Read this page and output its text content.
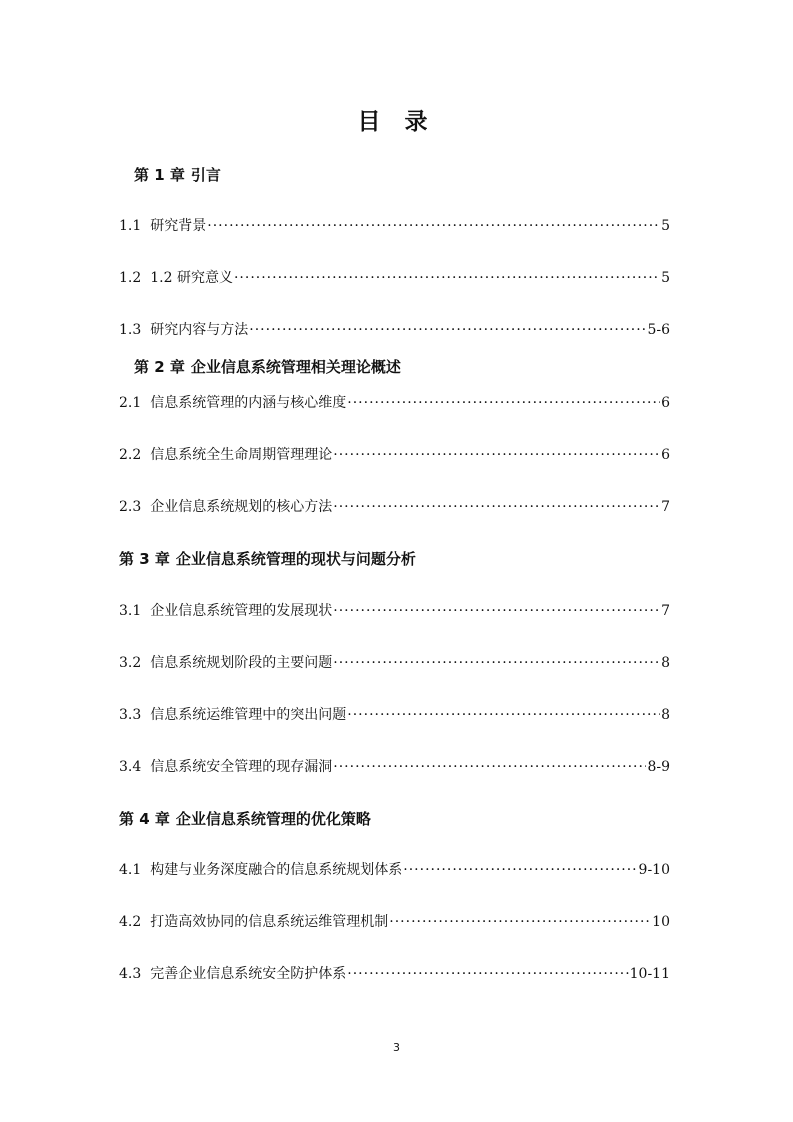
目 录
第 1 章 引言
1.1 研究背景 ·····	5
1.2 1.2 研究意义 ·····	5
1.3 研究内容与方法 ·····	5-6
第 2 章 企业信息系统管理相关理论概述
2.1 信息系统管理的内涵与核心维度 ·····	6
2.2 信息系统全生命周期管理理论 ·····	6
2.3 企业信息系统规划的核心方法 ·····	7
第 3 章 企业信息系统管理的现状与问题分析
3.1 企业信息系统管理的发展现状 ·····	7
3.2 信息系统规划阶段的主要问题 ·····	8
3.3 信息系统运维管理中的突出问题 ·····	8
3.4 信息系统安全管理的现存漏洞 ·····	8-9
第 4 章 企业信息系统管理的优化策略
4.1 构建与业务深度融合的信息系统规划体系 ·····	9-10
4.2 打造高效协同的信息系统运维管理机制 ·····	10
4.3 完善企业信息系统安全防护体系 ·····	10-11
3
